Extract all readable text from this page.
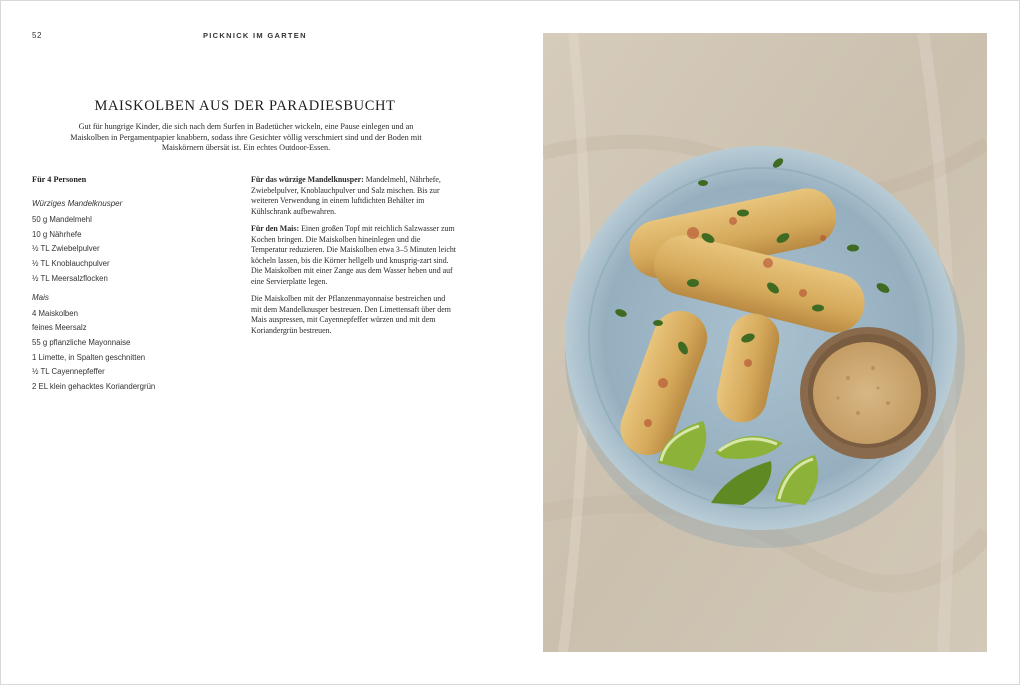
52	PICKNICK IM GARTEN
MAISKOLBEN AUS DER PARADIESBUCHT

Gut für hungrige Kinder, die sich nach dem Surfen in Badetücher wickeln, eine Pause einlegen und an Maiskolben in Pergamentpapier knabbern, sodass ihre Gesichter völlig verschmiert sind und der Boden mit Maiskörnern übersät ist. Ein echtes Outdoor-Essen.

Für 4 Personen
Würziges Mandelknusper
50 g Mandelmehl
10 g Nährhefe
½ TL Zwiebelpulver
½ TL Knoblauchpulver
½ TL Meersalzflocken
Mais
4 Maiskolben
feines Meersalz
55 g pflanzliche Mayonnaise
1 Limette, in Spalten geschnitten
½ TL Cayennepfeffer
2 EL klein gehacktes Koriandergrün

Für das würzige Mandelknusper: Mandelmehl, Nährhefe, Zwiebelpulver, Knoblauchpulver und Salz mischen. Bis zur weiteren Verwendung in einem luftdichten Behälter im Kühlschrank aufbewahren.

Für den Mais: Einen großen Topf mit reichlich Salzwasser zum Kochen bringen. Die Maiskolben hineinlegen und die Temperatur reduzieren. Die Maiskolben etwa 3–5 Minuten leicht köcheln lassen, bis die Körner hellgelb und knusprig-zart sind. Die Maiskolben mit einer Zange aus dem Wasser heben und auf eine Servierplatte legen.

Die Maiskolben mit der Pflanzenmayonnaise bestreichen und mit dem Mandelknusper bestreuen. Den Limettensaft über dem Mais auspressen, mit Cayennepfeffer würzen und mit dem Koriandergrün bestreuen.
